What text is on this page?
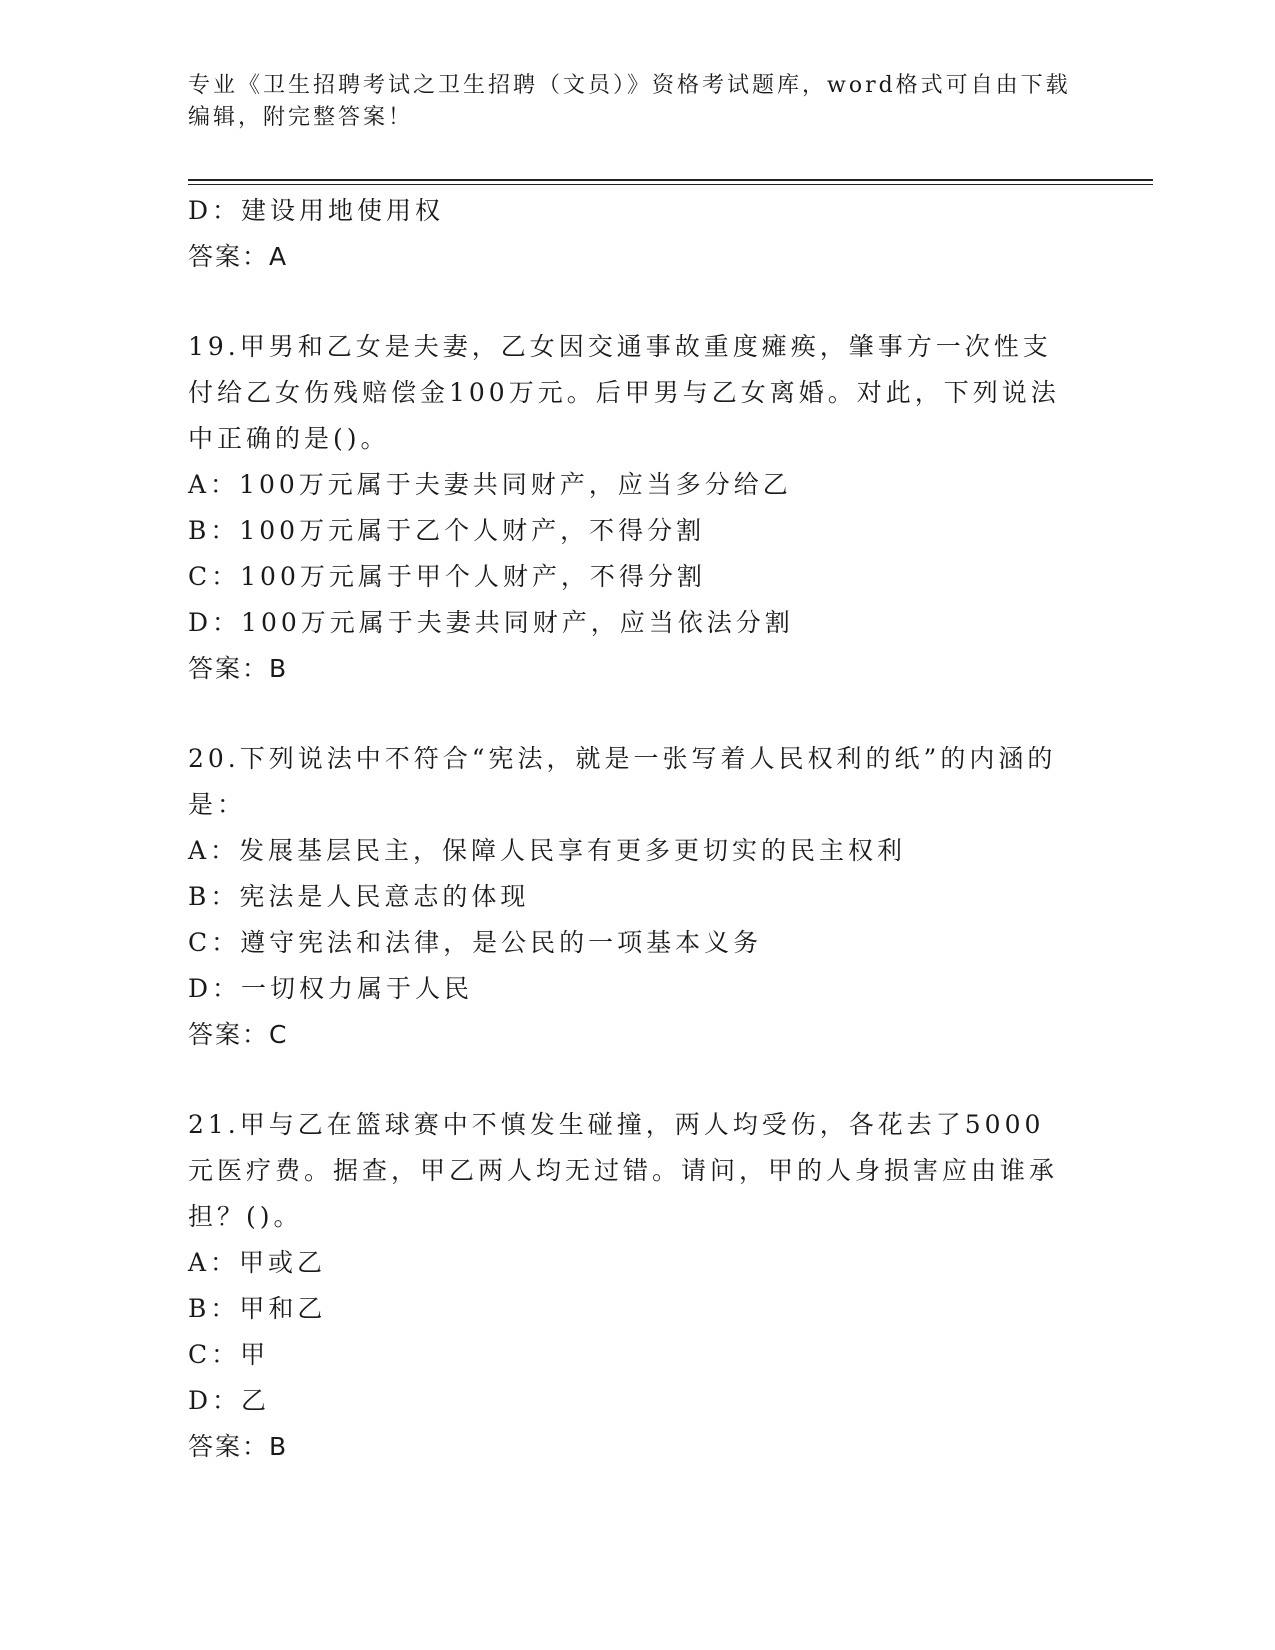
专业《卫生招聘考试之卫生招聘（文员）》资格考试题库，word格式可自由下载编辑，附完整答案！
D：建设用地使用权
答案：A
19.甲男和乙女是夫妻，乙女因交通事故重度瘫痪，肇事方一次性支付给乙女伤残赔偿金100万元。后甲男与乙女离婚。对此，下列说法中正确的是()。
A：100万元属于夫妻共同财产，应当多分给乙
B：100万元属于乙个人财产，不得分割
C：100万元属于甲个人财产，不得分割
D：100万元属于夫妻共同财产，应当依法分割
答案：B
20.下列说法中不符合“宪法，就是一张写着人民权利的纸”的内涵的是：
A：发展基层民主，保障人民享有更多更切实的民主权利
B：宪法是人民意志的体现
C：遵守宪法和法律，是公民的一项基本义务
D：一切权力属于人民
答案：C
21.甲与乙在篮球赛中不慎发生碰撞，两人均受伤，各花去了5000元医疗费。据查，甲乙两人均无过错。请问，甲的人身损害应由谁承担？()。
A：甲或乙
B：甲和乙
C：甲
D：乙
答案：B
